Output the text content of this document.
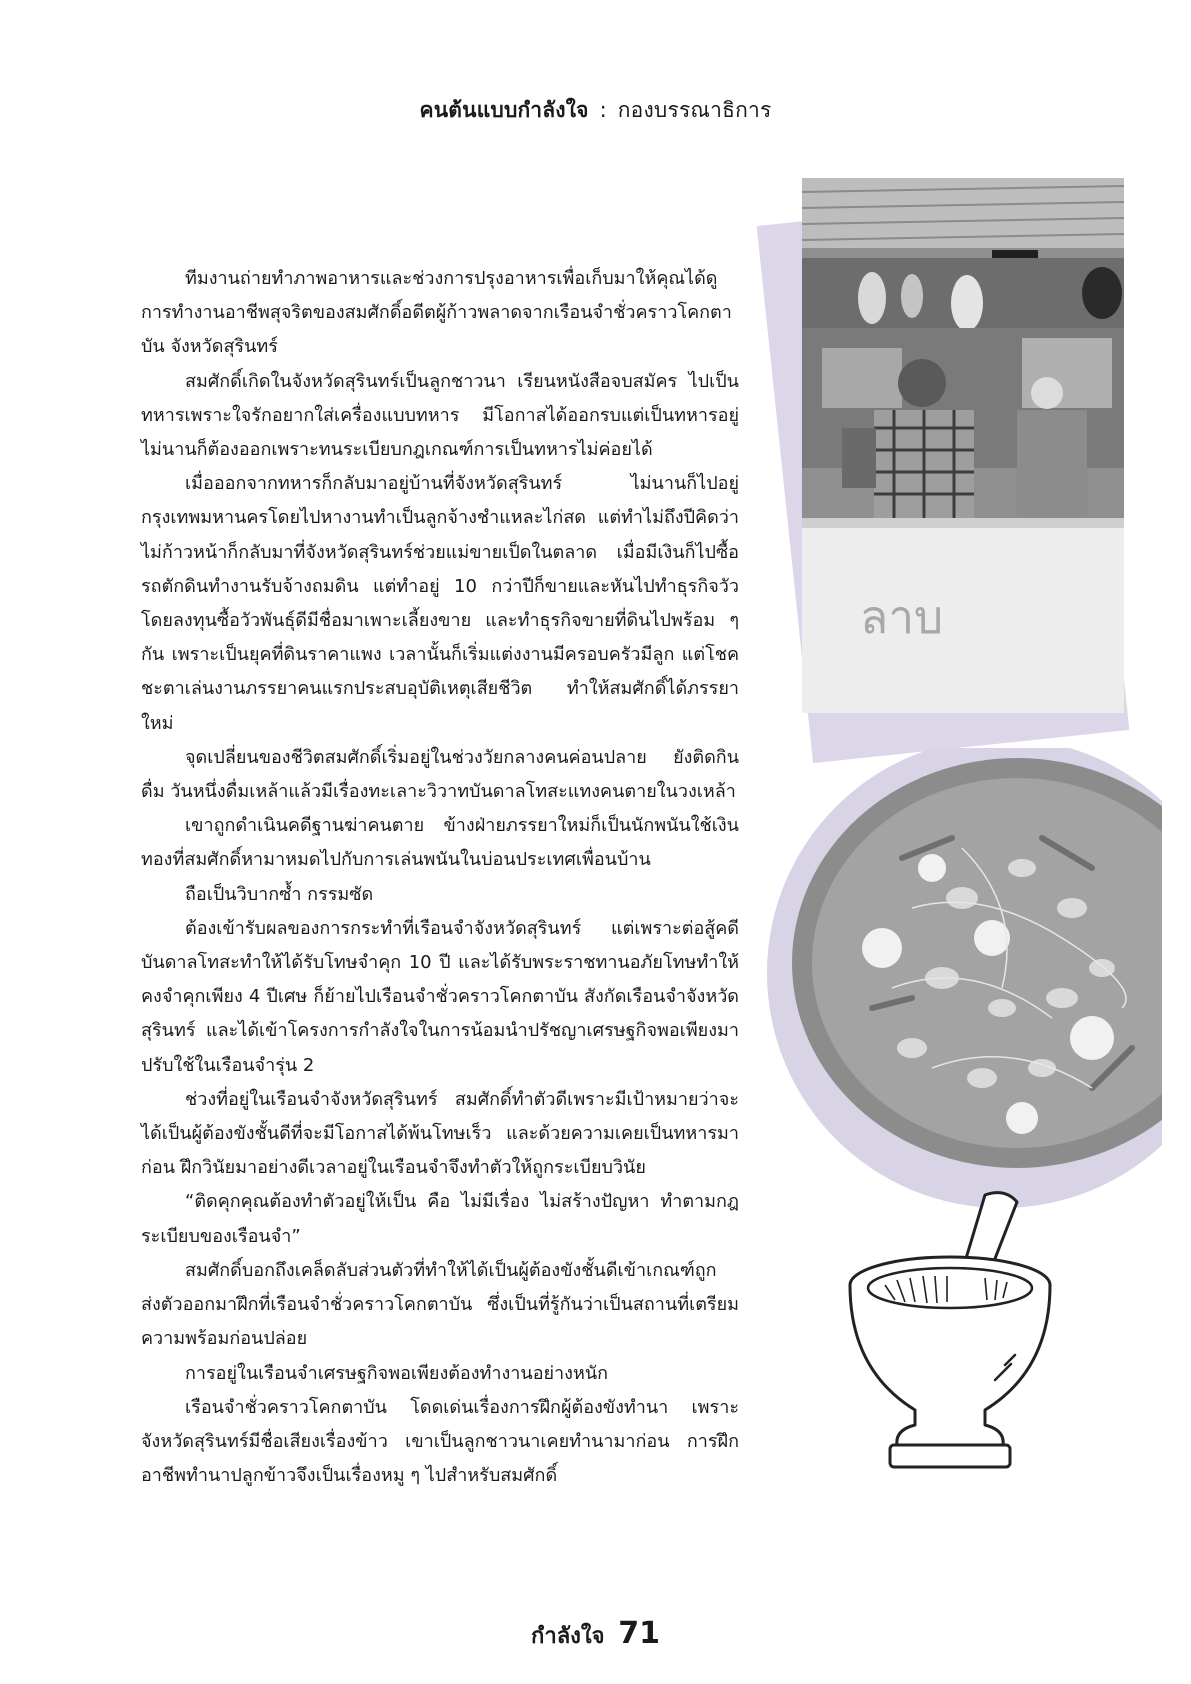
คนต้นแบบกำลังใจ : กองบรรณาธิการ

ทีมงานถ่ายทำภาพอาหารและช่วงการปรุงอาหารเพื่อเก็บมาให้คุณได้ดูการทำงานอาชีพสุจริตของสมศักดิ์อดีตผู้ก้าวพลาดจากเรือนจำชั่วคราวโคกตาบัน จังหวัดสุรินทร์

สมศักดิ์เกิดในจังหวัดสุรินทร์เป็นลูกชาวนา เรียนหนังสือจบสมัคร ไปเป็นทหารเพราะใจรักอยากใส่เครื่องแบบทหาร มีโอกาสได้ออกรบแต่เป็นทหารอยู่ไม่นานก็ต้องออกเพราะทนระเบียบกฎเกณฑ์การเป็นทหารไม่ค่อยได้

เมื่อออกจากทหารก็กลับมาอยู่บ้านที่จังหวัดสุรินทร์ ไม่นานก็ไปอยู่กรุงเทพมหานครโดยไปหางานทำเป็นลูกจ้างชำแหละไก่สด แต่ทำไม่ถึงปีคิดว่าไม่ก้าวหน้าก็กลับมาที่จังหวัดสุรินทร์ช่วยแม่ขายเป็ดในตลาด เมื่อมีเงินก็ไปซื้อรถตักดินทำงานรับจ้างถมดิน แต่ทำอยู่ 10 กว่าปีก็ขายและหันไปทำธุรกิจวัว โดยลงทุนซื้อวัวพันธุ์ดีมีชื่อมาเพาะเลี้ยงขาย และทำธุรกิจขายที่ดินไปพร้อม ๆ กัน เพราะเป็นยุคที่ดินราคาแพง เวลานั้นก็เริ่มแต่งงานมีครอบครัวมีลูก แต่โชคชะตาเล่นงานภรรยาคนแรกประสบอุบัติเหตุเสียชีวิต ทำให้สมศักดิ์ได้ภรรยาใหม่

จุดเปลี่ยนของชีวิตสมศักดิ์เริ่มอยู่ในช่วงวัยกลางคนค่อนปลาย ยังติดกินดื่ม วันหนึ่งดื่มเหล้าแล้วมีเรื่องทะเลาะวิวาทบันดาลโทสะแทงคนตายในวงเหล้า

เขาถูกดำเนินคดีฐานฆ่าคนตาย ข้างฝ่ายภรรยาใหม่ก็เป็นนักพนันใช้เงินทองที่สมศักดิ์หามาหมดไปกับการเล่นพนันในบ่อนประเทศเพื่อนบ้าน

ถือเป็นวิบากซ้ำ กรรมซัด

ต้องเข้ารับผลของการกระทำที่เรือนจำจังหวัดสุรินทร์ แต่เพราะต่อสู้คดีบันดาลโทสะทำให้ได้รับโทษจำคุก 10 ปี และได้รับพระราชทานอภัยโทษทำให้คงจำคุกเพียง 4 ปีเศษ ก็ย้ายไปเรือนจำชั่วคราวโคกตาบัน สังกัดเรือนจำจังหวัดสุรินทร์ และได้เข้าโครงการกำลังใจในการน้อมนำปรัชญาเศรษฐกิจพอเพียงมาปรับใช้ในเรือนจำรุ่น 2

ช่วงที่อยู่ในเรือนจำจังหวัดสุรินทร์ สมศักดิ์ทำตัวดีเพราะมีเป้าหมายว่าจะได้เป็นผู้ต้องขังชั้นดีที่จะมีโอกาสได้พ้นโทษเร็ว และด้วยความเคยเป็นทหารมาก่อน ฝึกวินัยมาอย่างดีเวลาอยู่ในเรือนจำจึงทำตัวให้ถูกระเบียบวินัย

“ติดคุกคุณต้องทำตัวอยู่ให้เป็น คือ ไม่มีเรื่อง ไม่สร้างปัญหา ทำตามกฎระเบียบของเรือนจำ”

สมศักดิ์บอกถึงเคล็ดลับส่วนตัวที่ทำให้ได้เป็นผู้ต้องขังชั้นดีเข้าเกณฑ์ถูกส่งตัวออกมาฝึกที่เรือนจำชั่วคราวโคกตาบัน ซึ่งเป็นที่รู้กันว่าเป็นสถานที่เตรียมความพร้อมก่อนปล่อย

การอยู่ในเรือนจำเศรษฐกิจพอเพียงต้องทำงานอย่างหนัก

เรือนจำชั่วคราวโคกตาบัน โดดเด่นเรื่องการฝึกผู้ต้องขังทำนา เพราะจังหวัดสุรินทร์มีชื่อเสียงเรื่องข้าว เขาเป็นลูกชาวนาเคยทำนามาก่อน การฝึกอาชีพทำนาปลูกข้าวจึงเป็นเรื่องหมู ๆ ไปสำหรับสมศักดิ์

ลาบ
กำลังใจ 71
